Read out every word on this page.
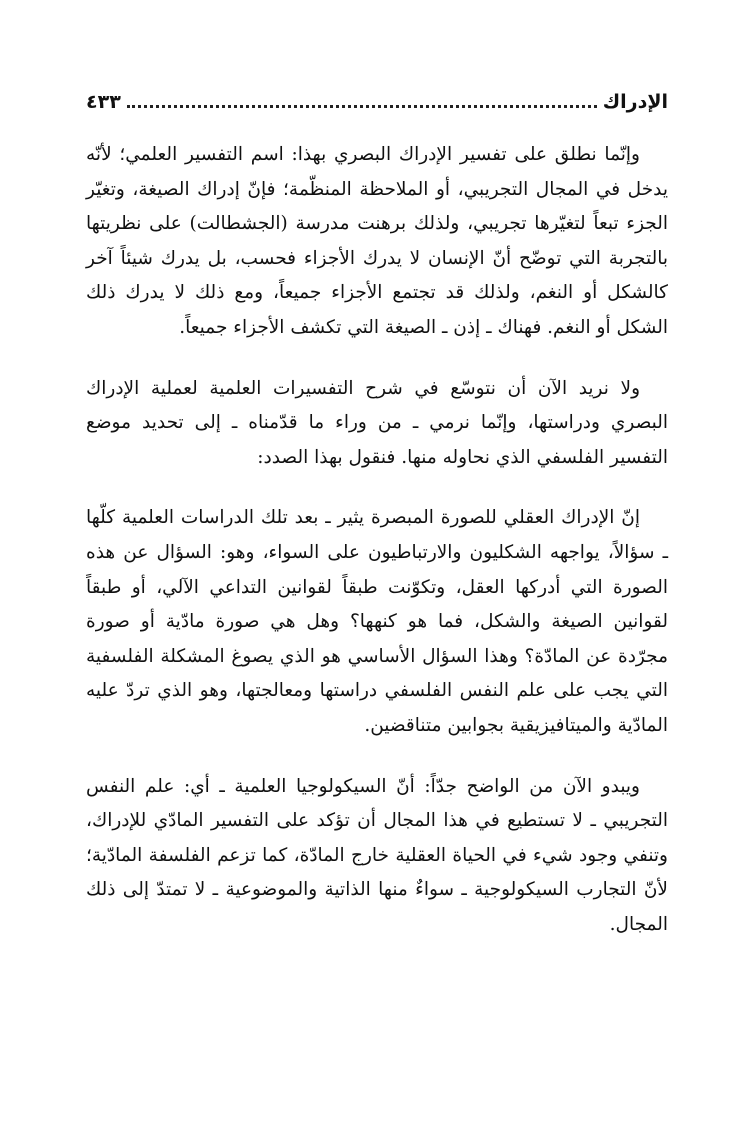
الإدراك
٤٣٣

وإنّما نطلق على تفسير الإدراك البصري بهذا: اسم التفسير العلمي؛ لأنّه يدخل في المجال التجريبي، أو الملاحظة المنظّمة؛ فإنّ إدراك الصيغة، وتغيّر الجزء تبعاً لتغيّرها تجريبي، ولذلك برهنت مدرسة (الجشطالت) على نظريتها بالتجربة التي توضّح أنّ الإنسان لا يدرك الأجزاء فحسب، بل يدرك شيئاً آخر كالشكل أو النغم، ولذلك قد تجتمع الأجزاء جميعاً، ومع ذلك لا يدرك ذلك الشكل أو النغم. فهناك ـ إذن ـ الصيغة التي تكشف الأجزاء جميعاً.

ولا نريد الآن أن نتوسّع في شرح التفسيرات العلمية لعملية الإدراك البصري ودراستها، وإنّما نرمي ـ من وراء ما قدّمناه ـ إلى تحديد موضع التفسير الفلسفي الذي نحاوله منها. فنقول بهذا الصدد:

إنّ الإدراك العقلي للصورة المبصرة يثير ـ بعد تلك الدراسات العلمية كلّها ـ سؤالاً، يواجهه الشكليون والارتباطيون على السواء، وهو: السؤال عن هذه الصورة التي أدركها العقل، وتكوّنت طبقاً لقوانين التداعي الآلي، أو طبقاً لقوانين الصيغة والشكل، فما هو كنهها؟ وهل هي صورة مادّية أو صورة مجرّدة عن المادّة؟ وهذا السؤال الأساسي هو الذي يصوغ المشكلة الفلسفية التي يجب على علم النفس الفلسفي دراستها ومعالجتها، وهو الذي تردّ عليه المادّية والميتافيزيقية بجوابين متناقضين.

ويبدو الآن من الواضح جدّاً: أنّ السيكولوجيا العلمية ـ أي: علم النفس التجريبي ـ لا تستطيع في هذا المجال أن تؤكد على التفسير المادّي للإدراك، وتنفي وجود شيء في الحياة العقلية خارج المادّة، كما تزعم الفلسفة المادّية؛ لأنّ التجارب السيكولوجية ـ سواءٌ منها الذاتية والموضوعية ـ لا تمتدّ إلى ذلك المجال.
